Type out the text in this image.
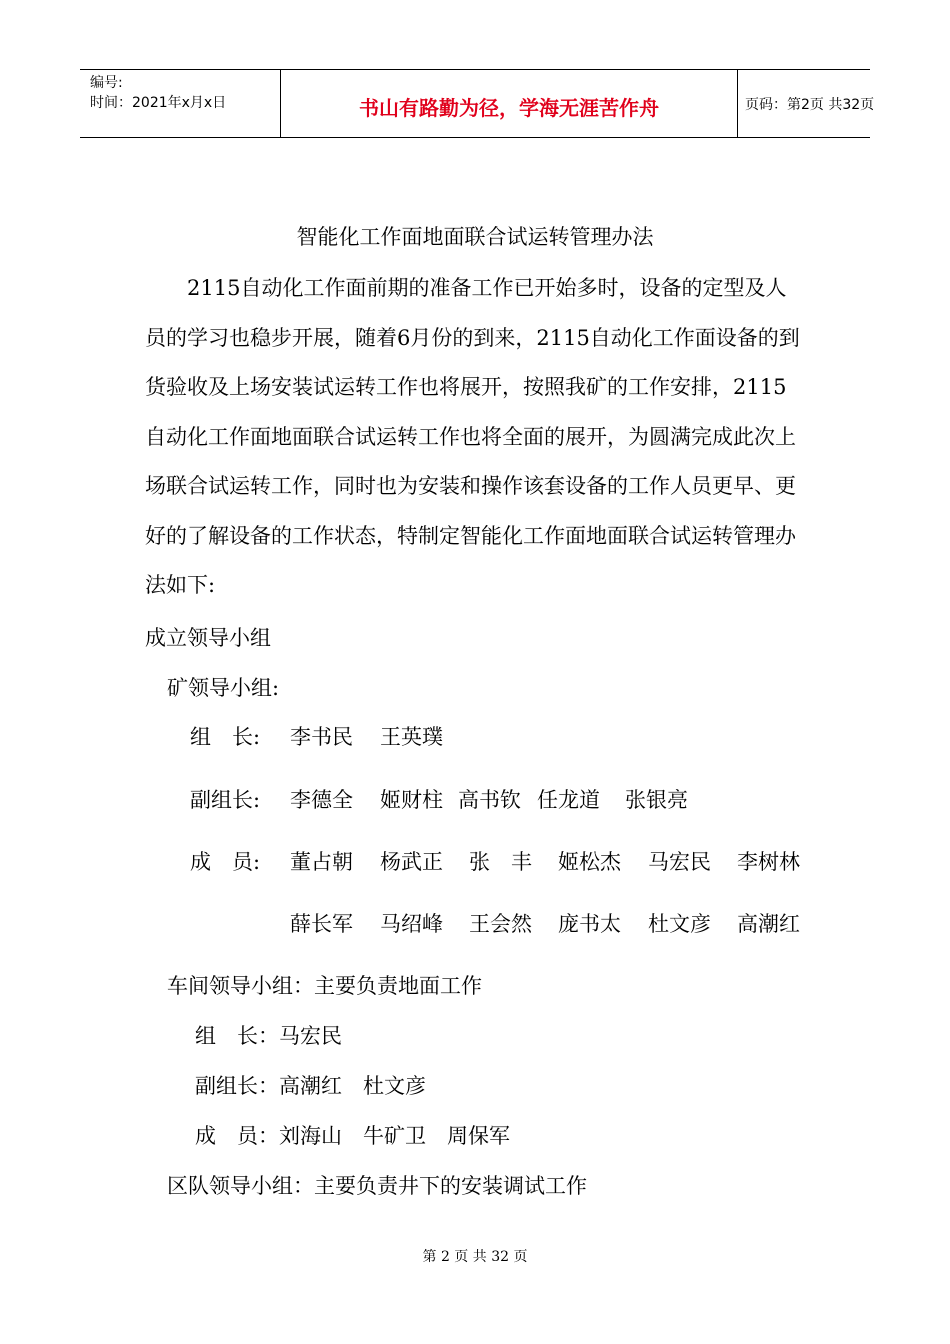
编号:
时间：2021年x月x日	书山有路勤为径，学海无涯苦作舟	页码：第2页 共32页
智能化工作面地面联合试运转管理办法

2115自动化工作面前期的准备工作已开始多时，设备的定型及人员的学习也稳步开展，随着6月份的到来，2115自动化工作面设备的到货验收及上场安装试运转工作也将展开，按照我矿的工作安排，2115自动化工作面地面联合试运转工作也将全面的展开，为圆满完成此次上场联合试运转工作，同时也为安装和操作该套设备的工作人员更早、更好的了解设备的工作状态，特制定智能化工作面地面联合试运转管理办法如下:

成立领导小组
矿领导小组:
组　长: 李书民 王英璞
副组长: 李德全 姬财柱 高书钦 任龙道 张银亮
成　员: 董占朝 杨武正 张　丰 姬松杰 马宏民 李树林
薛长军 马绍峰 王会然 庞书太 杜文彦 高潮红
车间领导小组：主要负责地面工作
组　长：马宏民
副组长：高潮红　杜文彦
成　员：刘海山　牛矿卫　周保军
区队领导小组：主要负责井下的安装调试工作
第 2 页 共 32 页
